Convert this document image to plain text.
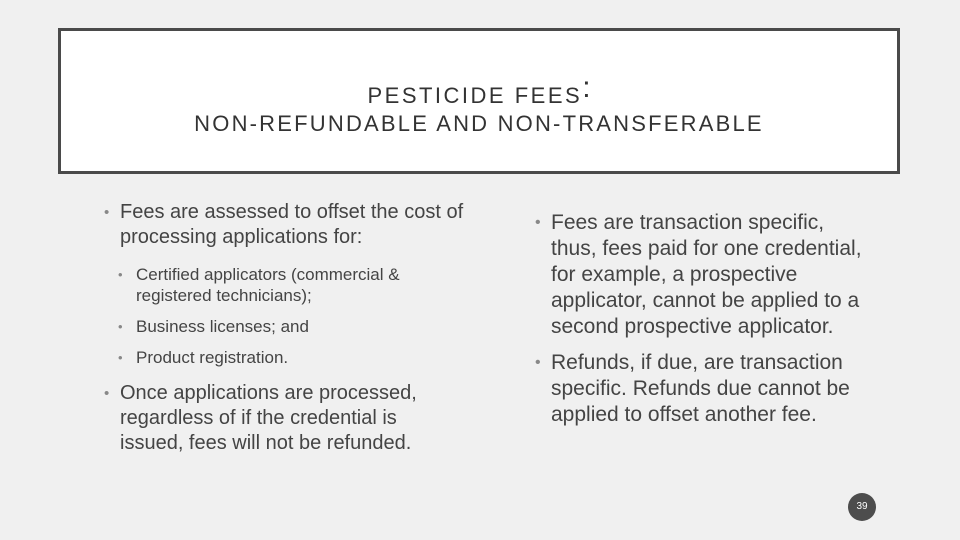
PESTICIDE FEES:
NON-REFUNDABLE AND NON-TRANSFERABLE
• Fees are assessed to offset the cost of processing applications for:
• Certified applicators (commercial & registered technicians);
• Business licenses; and
• Product registration.
• Once applications are processed, regardless of if the credential is issued, fees will not be refunded.
• Fees are transaction specific, thus, fees paid for one credential, for example, a prospective applicator, cannot be applied to a second prospective applicator.
• Refunds, if due, are transaction specific. Refunds due cannot be applied to offset another fee.
39
